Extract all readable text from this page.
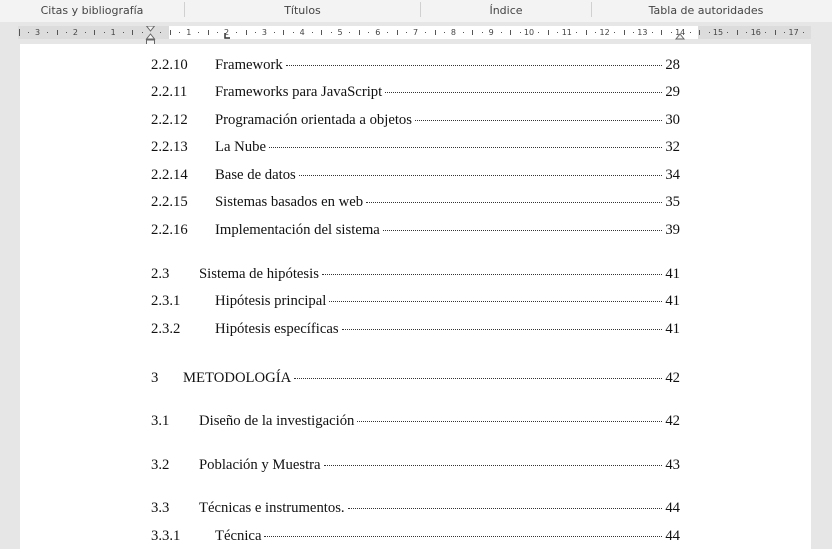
Citas y bibliografía	Títulos	Índice	Tabla de autoridades
3	2	1	1	2	3	4	5	6	7	8	9	10	11	12	13	14	15	16	17
2.2.10	Framework	28
2.2.11	Frameworks para JavaScript	29
2.2.12	Programación orientada a objetos	30
2.2.13	La Nube	32
2.2.14	Base de datos	34
2.2.15	Sistemas basados en web	35
2.2.16	Implementación del sistema	39
2.3	Sistema de hipótesis	41
2.3.1	Hipótesis principal	41
2.3.2	Hipótesis específicas	41
3	METODOLOGÍA	42
3.1	Diseño de la investigación	42
3.2	Población y Muestra	43
3.3	Técnicas e instrumentos.	44
3.3.1	Técnica	44
